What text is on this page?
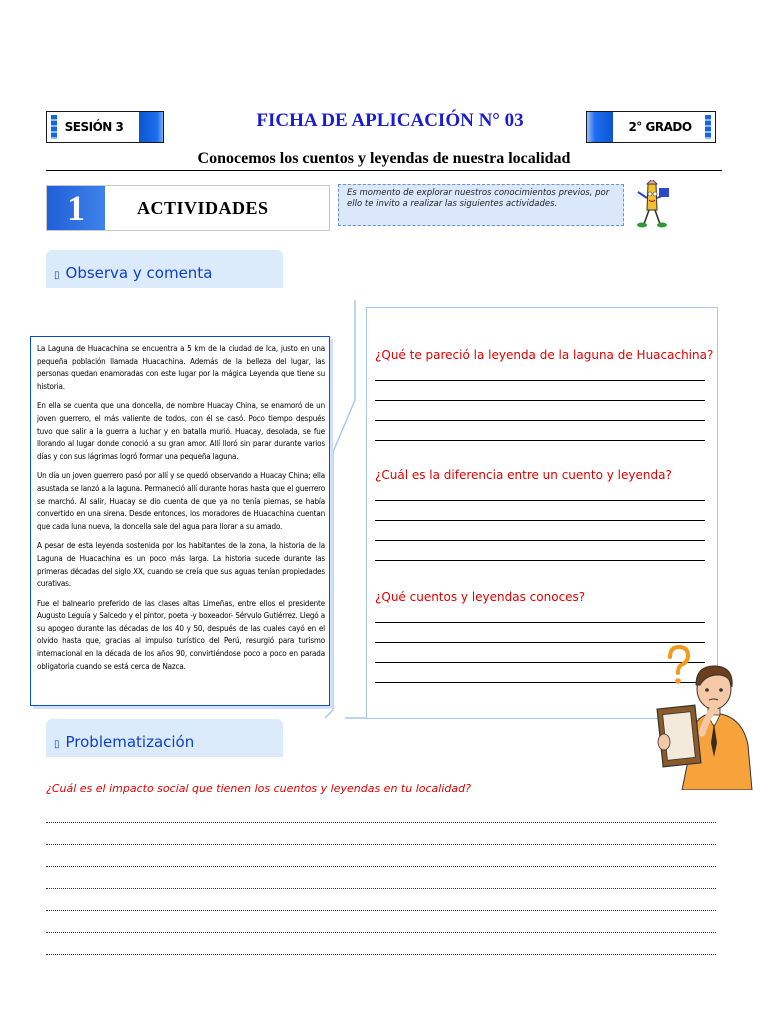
SESIÓN 3	FICHA DE APLICACIÓN N° 03	2° GRADO
Conocemos los cuentos y leyendas de nuestra localidad
1	ACTIVIDADES
Es momento de explorar nuestros conocimientos previos, por ello te invito a realizar las siguientes actividades.
▯ Observa y comenta

La Laguna de Huacachina se encuentra a 5 km de la ciudad de Ica, justo en una pequeña población llamada Huacachina. Además de la belleza del lugar, las personas quedan enamoradas con este lugar por la mágica Leyenda que tiene su historia.

En ella se cuenta que una doncella, de nombre Huacay China, se enamoró de un joven guerrero, el más valiente de todos, con él se casó. Poco tiempo después tuvo que salir a la guerra a luchar y en batalla murió. Huacay, desolada, se fue llorando al lugar donde conoció a su gran amor. Allí lloró sin parar durante varios días y con sus lágrimas logró formar una pequeña laguna.

Un día un joven guerrero pasó por allí y se quedó observando a Huacay China; ella asustada se lanzó a la laguna. Permaneció allí durante horas hasta que el guerrero se marchó. Al salir, Huacay se dio cuenta de que ya no tenía piernas, se había convertido en una sirena. Desde entonces, los moradores de Huacachina cuentan que cada luna nueva, la doncella sale del agua para llorar a su amado.

A pesar de esta leyenda sostenida por los habitantes de la zona, la historia de la Laguna de Huacachina es un poco más larga. La historia sucede durante las primeras décadas del siglo XX, cuando se creía que sus aguas tenían propiedades curativas.

Fue el balneario preferido de las clases altas Limeñas, entre ellos el presidente Augusto Leguía y Salcedo y el pintor, poeta -y boxeador- Sérvulo Gutiérrez. Llegó a su apogeo durante las décadas de los 40 y 50, después de las cuales cayó en el olvido hasta que, gracias al impulso turístico del Perú, resurgió para turismo internacional en la década de los años 90, convirtiéndose poco a poco en parada obligatoria cuando se está cerca de Nazca.

¿Qué te pareció la leyenda de la laguna de Huacachina?
¿Cuál es la diferencia entre un cuento y leyenda?
¿Qué cuentos y leyendas conoces?
▯ Problematización
¿Cuál es el impacto social que tienen los cuentos y leyendas en tu localidad?
